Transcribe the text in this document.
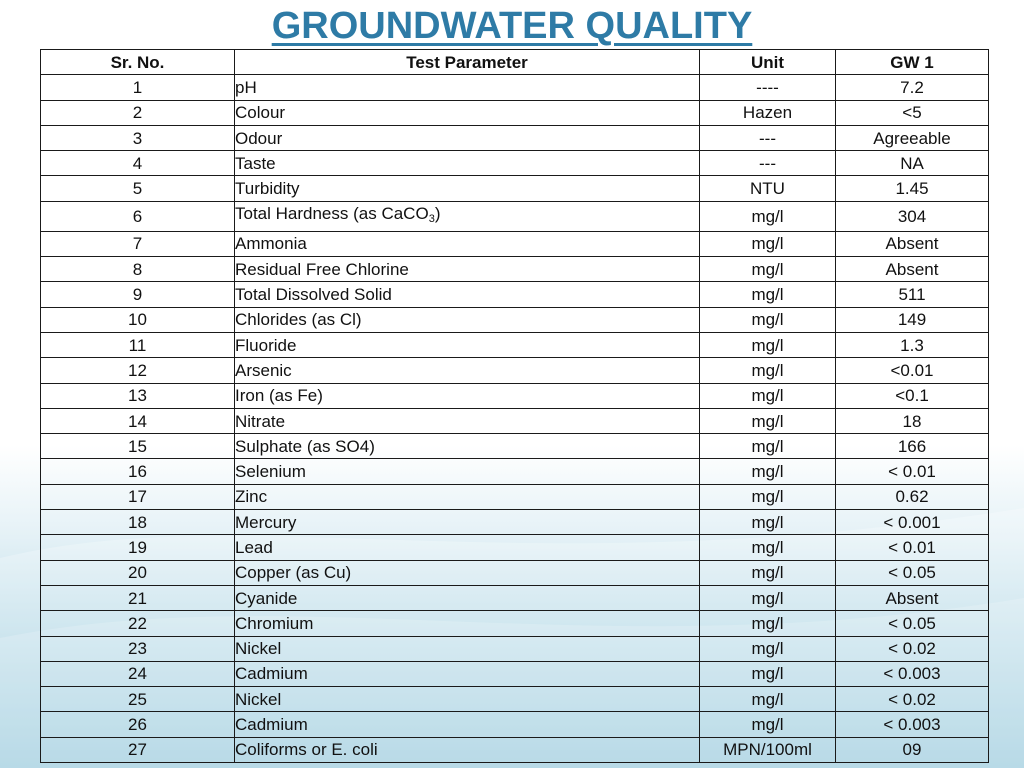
GROUNDWATER QUALITY
Sr. No.	Test Parameter	Unit	GW 1
1	pH	----	7.2
2	Colour	Hazen	<5
3	Odour	---	Agreeable
4	Taste	---	NA
5	Turbidity	NTU	1.45
6	Total Hardness (as CaCO$_3$)	mg/l	304
7	Ammonia	mg/l	Absent
8	Residual Free Chlorine	mg/l	Absent
9	Total Dissolved Solid	mg/l	511
10	Chlorides (as Cl)	mg/l	149
11	Fluoride	mg/l	1.3
12	Arsenic	mg/l	<0.01
13	Iron (as Fe)	mg/l	<0.1
14	Nitrate	mg/l	18
15	Sulphate (as SO4)	mg/l	166
16	Selenium	mg/l	< 0.01
17	Zinc	mg/l	0.62
18	Mercury	mg/l	< 0.001
19	Lead	mg/l	< 0.01
20	Copper (as Cu)	mg/l	< 0.05
21	Cyanide	mg/l	Absent
22	Chromium	mg/l	< 0.05
23	Nickel	mg/l	< 0.02
24	Cadmium	mg/l	< 0.003
25	Nickel	mg/l	< 0.02
26	Cadmium	mg/l	< 0.003
27	Coliforms or E. coli	MPN/100ml	09
